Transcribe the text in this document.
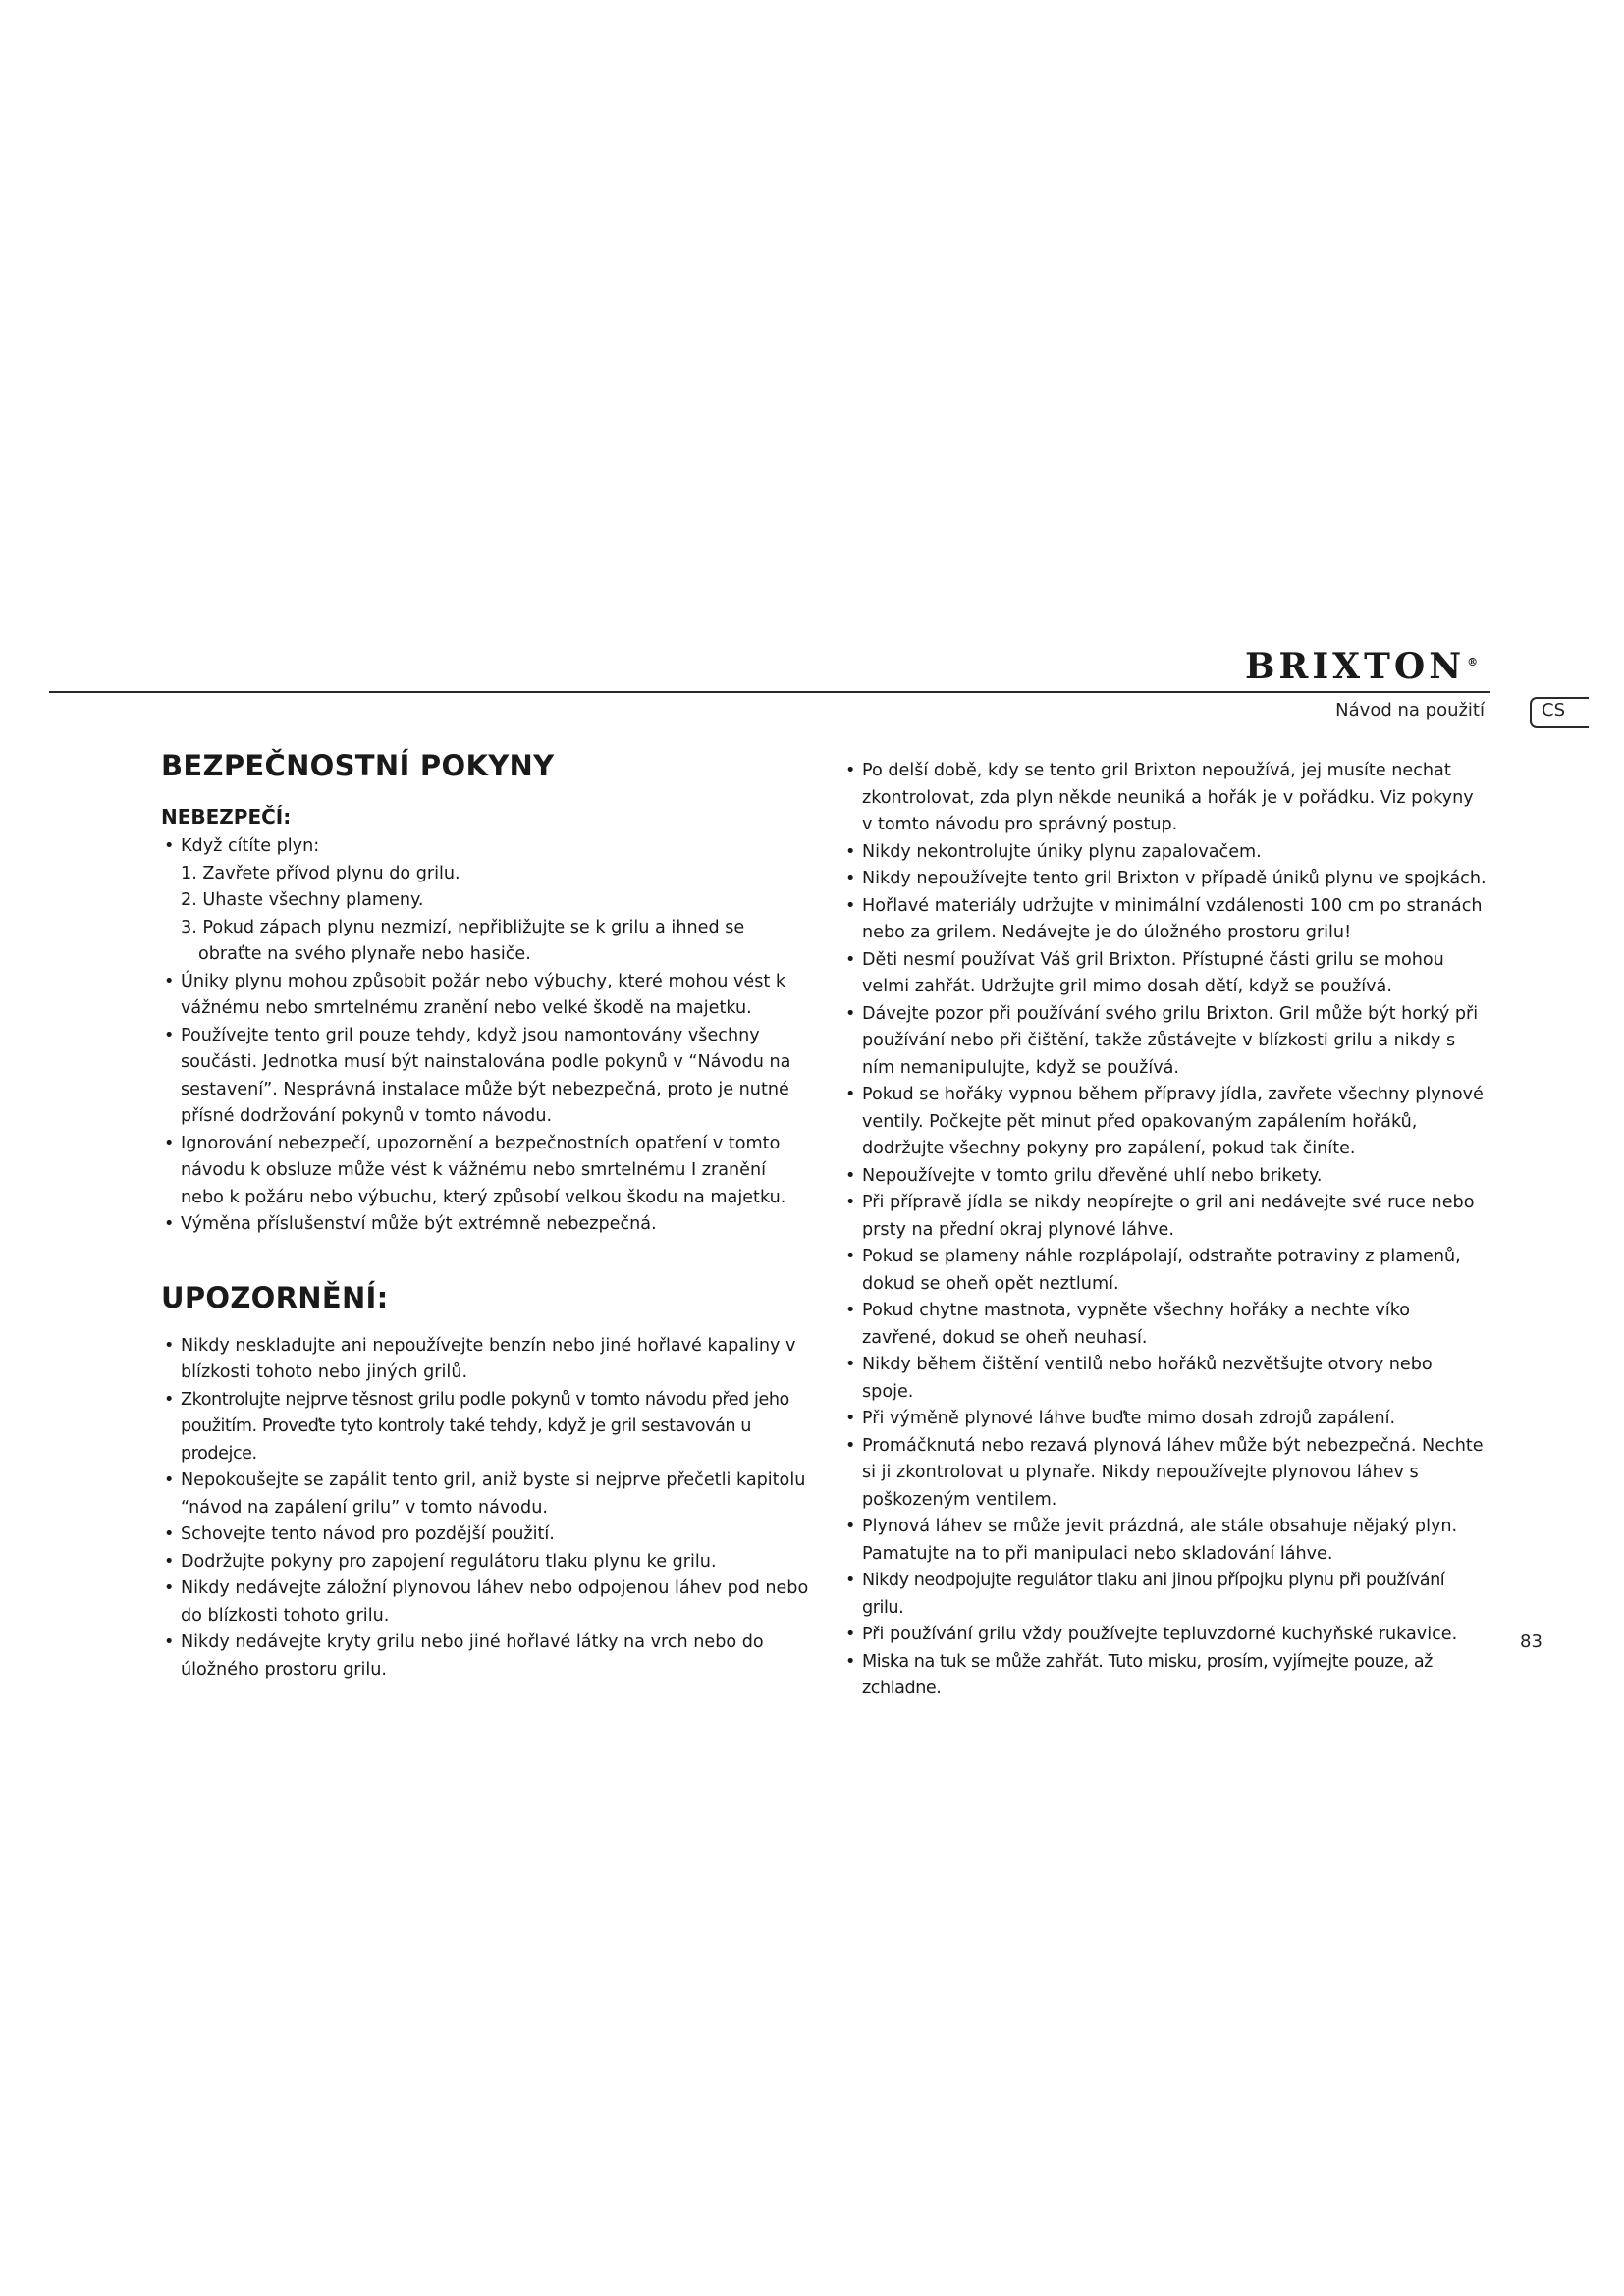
BRIXTON ®
Návod na použití	CS
BEZPEČNOSTNÍ POKYNY
NEBEZPEČÍ:
• Když cítíte plyn:
1. Zavřete přívod plynu do grilu.
2. Uhaste všechny plameny.
3. Pokud zápach plynu nezmizí, nepřibližujte se k grilu a ihned se obraťte na svého plynaře nebo hasiče.
• Úniky plynu mohou způsobit požár nebo výbuchy, které mohou vést k vážnému nebo smrtelnému zranění nebo velké škodě na majetku.
• Používejte tento gril pouze tehdy, když jsou namontovány všechny součásti. Jednotka musí být nainstalována podle pokynů v “Návodu na sestavení”. Nesprávná instalace může být nebezpečná, proto je nutné přísné dodržování pokynů v tomto návodu.
• Ignorování nebezpečí, upozornění a bezpečnostních opatření v tomto návodu k obsluze může vést k vážnému nebo smrtelnému I zranění nebo k požáru nebo výbuchu, který způsobí velkou škodu na majetku.
• Výměna příslušenství může být extrémně nebezpečná.
UPOZORNĚNÍ:
• Nikdy neskladujte ani nepoužívejte benzín nebo jiné hořlavé kapaliny v blízkosti tohoto nebo jiných grilů.
• Zkontrolujte nejprve těsnost grilu podle pokynů v tomto návodu před jeho použitím. Proveďte tyto kontroly také tehdy, když je gril sestavován u prodejce.
• Nepokoušejte se zapálit tento gril, aniž byste si nejprve přečetli kapitolu “návod na zapálení grilu” v tomto návodu.
• Schovejte tento návod pro pozdější použití.
• Dodržujte pokyny pro zapojení regulátoru tlaku plynu ke grilu.
• Nikdy nedávejte záložní plynovou láhev nebo odpojenou láhev pod nebo do blízkosti tohoto grilu.
• Nikdy nedávejte kryty grilu nebo jiné hořlavé látky na vrch nebo do úložného prostoru grilu.
• Po delší době, kdy se tento gril Brixton nepoužívá, jej musíte nechat zkontrolovat, zda plyn někde neuniká a hořák je v pořádku. Viz pokyny v tomto návodu pro správný postup.
• Nikdy nekontrolujte úniky plynu zapalovačem.
• Nikdy nepoužívejte tento gril Brixton v případě úniků plynu ve spojkách.
• Hořlavé materiály udržujte v minimální vzdálenosti 100 cm po stranách nebo za grilem. Nedávejte je do úložného prostoru grilu!
• Děti nesmí používat Váš gril Brixton. Přístupné části grilu se mohou velmi zahřát. Udržujte gril mimo dosah dětí, když se používá.
• Dávejte pozor při používání svého grilu Brixton. Gril může být horký při používání nebo při čištění, takže zůstávejte v blízkosti grilu a nikdy s ním nemanipulujte, když se používá.
• Pokud se hořáky vypnou během přípravy jídla, zavřete všechny plynové ventily. Počkejte pět minut před opakovaným zapálením hořáků, dodržujte všechny pokyny pro zapálení, pokud tak činíte.
• Nepoužívejte v tomto grilu dřevěné uhlí nebo brikety.
• Při přípravě jídla se nikdy neopírejte o gril ani nedávejte své ruce nebo prsty na přední okraj plynové láhve.
• Pokud se plameny náhle rozplápolají, odstraňte potraviny z plamenů, dokud se oheň opět neztlumí.
• Pokud chytne mastnota, vypněte všechny hořáky a nechte víko zavřené, dokud se oheň neuhasí.
• Nikdy během čištění ventilů nebo hořáků nezvětšujte otvory nebo spoje.
• Při výměně plynové láhve buďte mimo dosah zdrojů zapálení.
• Promáčknutá nebo rezavá plynová láhev může být nebezpečná. Nechte si ji zkontrolovat u plynaře. Nikdy nepoužívejte plynovou láhev s poškozeným ventilem.
• Plynová láhev se může jevit prázdná, ale stále obsahuje nějaký plyn. Pamatujte na to při manipulaci nebo skladování láhve.
• Nikdy neodpojujte regulátor tlaku ani jinou přípojku plynu při používání grilu.
• Při používání grilu vždy používejte tepluvzdorné kuchyňské rukavice.
• Miska na tuk se může zahřát. Tuto misku, prosím, vyjímejte pouze, až zchladne.
83
